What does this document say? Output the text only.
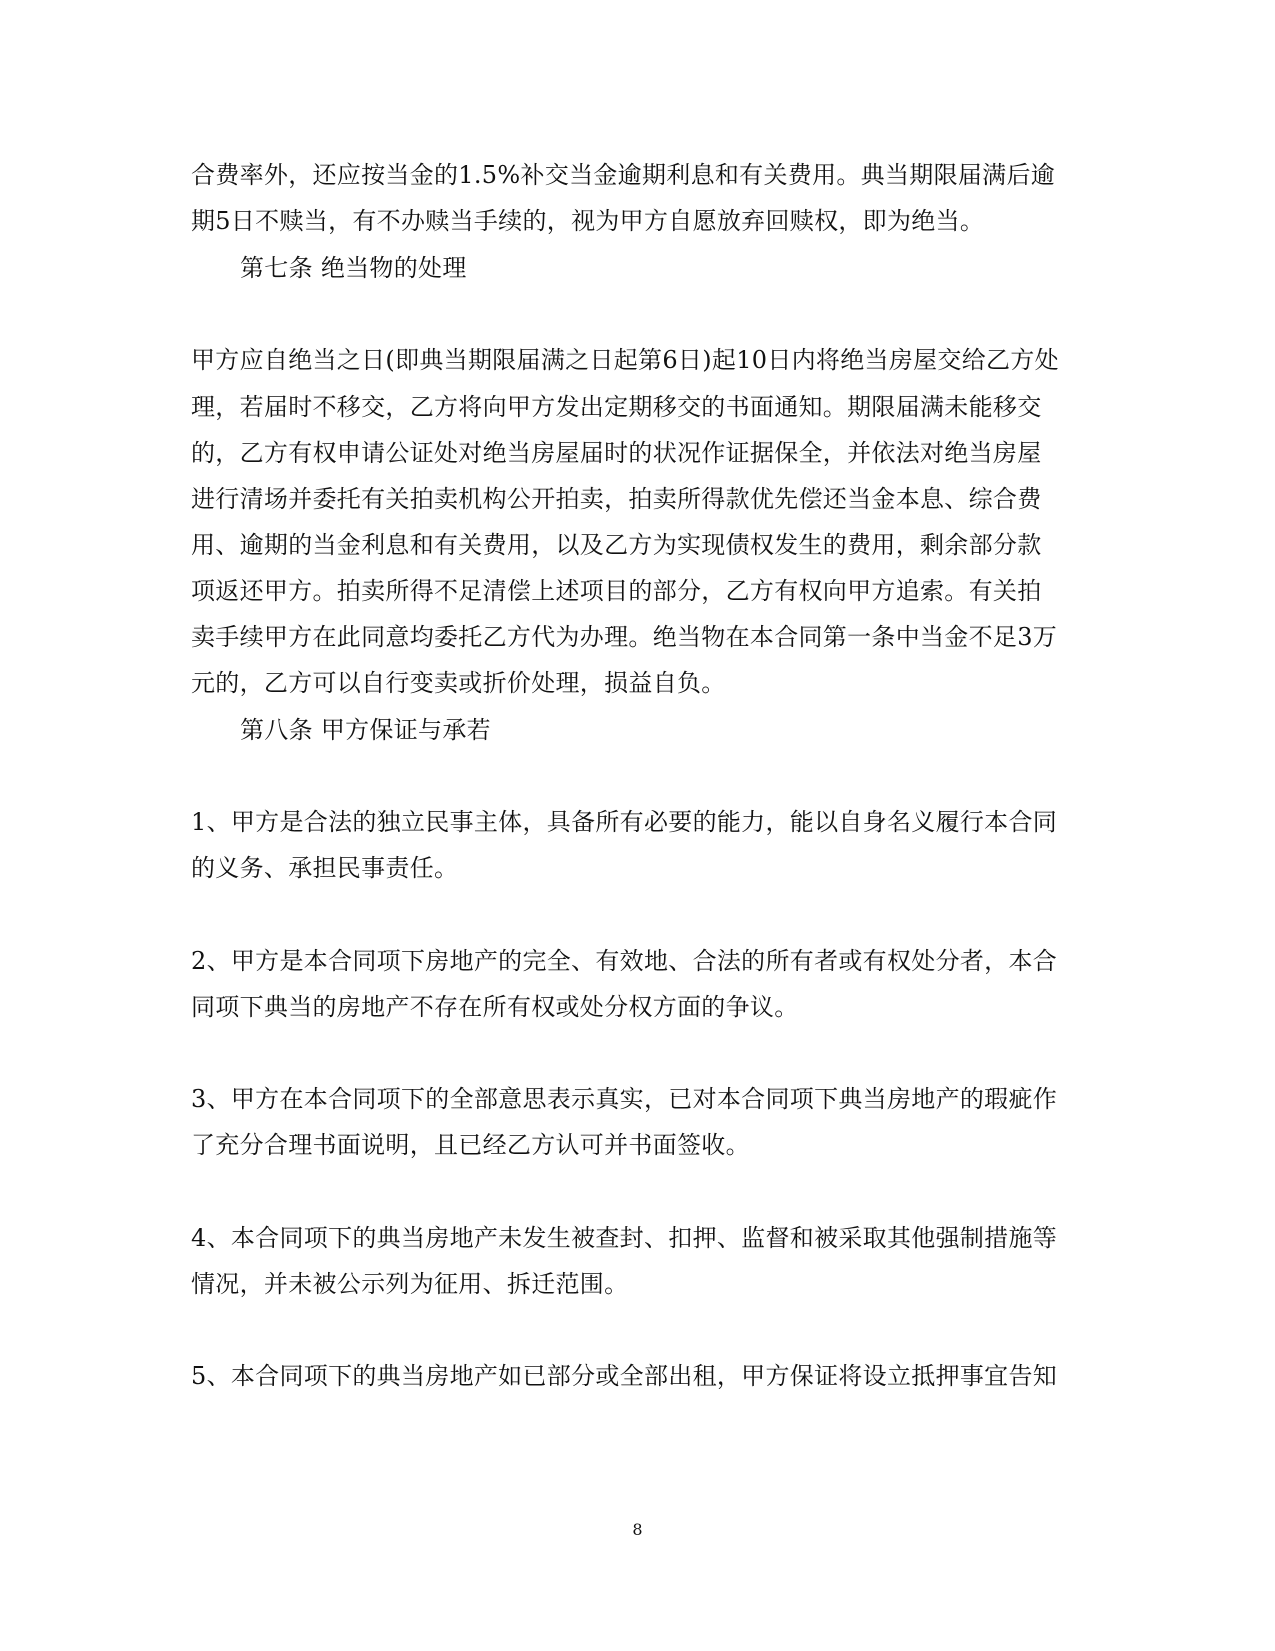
合费率外，还应按当金的1.5%补交当金逾期利息和有关费用。典当期限届满后逾
期5日不赎当，有不办赎当手续的，视为甲方自愿放弃回赎权，即为绝当。
第七条 绝当物的处理
甲方应自绝当之日(即典当期限届满之日起第6日)起10日内将绝当房屋交给乙方处
理，若届时不移交，乙方将向甲方发出定期移交的书面通知。期限届满未能移交
的，乙方有权申请公证处对绝当房屋届时的状况作证据保全，并依法对绝当房屋
进行清场并委托有关拍卖机构公开拍卖，拍卖所得款优先偿还当金本息、综合费
用、逾期的当金利息和有关费用，以及乙方为实现债权发生的费用，剩余部分款
项返还甲方。拍卖所得不足清偿上述项目的部分，乙方有权向甲方追索。有关拍
卖手续甲方在此同意均委托乙方代为办理。绝当物在本合同第一条中当金不足3万
元的，乙方可以自行变卖或折价处理，损益自负。
第八条 甲方保证与承若
1、甲方是合法的独立民事主体，具备所有必要的能力，能以自身名义履行本合同
的义务、承担民事责任。
2、甲方是本合同项下房地产的完全、有效地、合法的所有者或有权处分者，本合
同项下典当的房地产不存在所有权或处分权方面的争议。
3、甲方在本合同项下的全部意思表示真实，已对本合同项下典当房地产的瑕疵作
了充分合理书面说明，且已经乙方认可并书面签收。
4、本合同项下的典当房地产未发生被查封、扣押、监督和被采取其他强制措施等
情况，并未被公示列为征用、拆迁范围。
5、本合同项下的典当房地产如已部分或全部出租，甲方保证将设立抵押事宜告知
8
